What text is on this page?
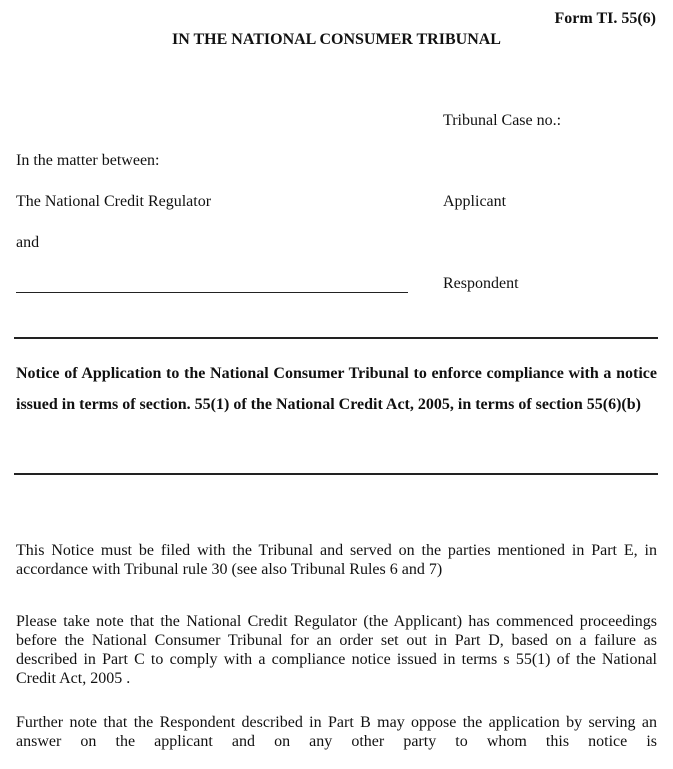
Form TI. 55(6)
IN THE NATIONAL CONSUMER TRIBUNAL
Tribunal Case no.:
In the matter between:
The National Credit Regulator	Applicant
and
Respondent
Notice of Application to the National Consumer Tribunal to enforce compliance with a notice issued in terms of section. 55(1) of the National Credit Act, 2005, in terms of section 55(6)(b)
This Notice must be filed with the Tribunal and served on the parties mentioned in Part E, in accordance with Tribunal rule 30 (see also Tribunal Rules 6 and 7)
Please take note that the National Credit Regulator (the Applicant) has commenced proceedings before the National Consumer Tribunal for an order set out in Part D, based on a failure as described in Part C to comply with a compliance notice issued in terms s 55(1) of the National Credit Act, 2005 .
Further note that the Respondent described in Part B may oppose the application by serving an answer on the applicant and on any other party to whom this notice is
